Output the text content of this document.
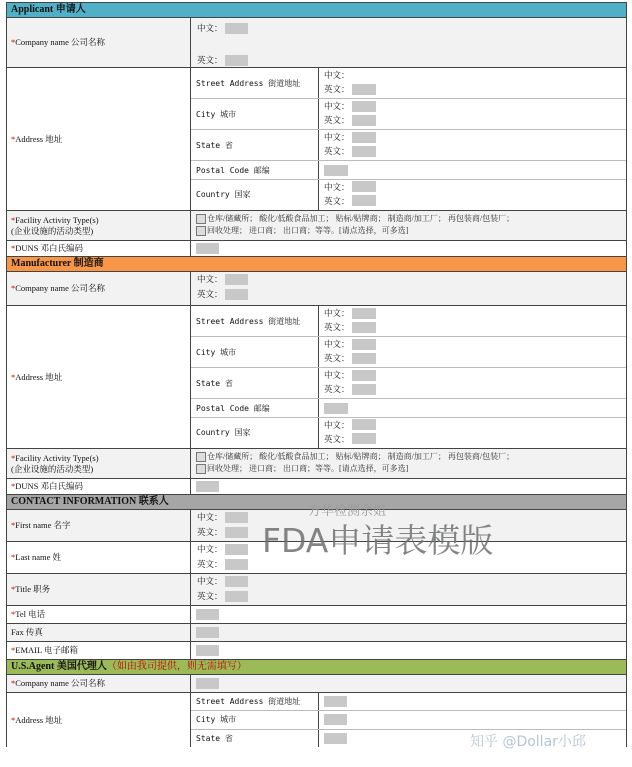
Applicant 申请人
* Company name 公司名称
中文：
英文：
* Address 地址
Street Address 街道地址
中文：
英文：
City 城市
中文：
英文：
State 省
中文：
英文：
Postal Code 邮编
Country 国家
中文：
英文：
*Facility Activity Type(s)
(企业设施的活动类型)
仓库/储藏所； 酸化/低酸食品加工； 贴标/贴牌商； 制造商/加工厂； 再包装商/包装厂；
回收处理； 进口商； 出口商；等等。[请点选择，可多选]
* DUNS 邓白氏编码
Manufacturer 制造商
* Company name 公司名称
中文：
英文：
* Address 地址
Street Address 街道地址
中文：
英文：
City 城市
中文：
英文：
State 省
中文：
英文：
Postal Code 邮编
Country 国家
中文：
英文：
*Facility Activity Type(s)
(企业设施的活动类型)
仓库/储藏所； 酸化/低酸食品加工； 贴标/贴牌商； 制造商/加工厂； 再包装商/包装厂；
回收处理； 进口商； 出口商；等等。[请点选择，可多选]
* DUNS 邓白氏编码
CONTACT INFORMATION 联系人
* First name 名字
中文：
英文：
* Last name 姓
中文：
英文：
* Title 职务
中文：
英文：
* Tel 电话
Fax 传真
* EMAIL 电子邮箱
U.S.Agent 美国代理人（如由我司提供，则无需填写）
* Company name 公司名称
* Address 地址
Street Address 街道地址
City 城市
State 省
方华检测余姐
FDA申请表模版
知乎 @Dollar小邱
